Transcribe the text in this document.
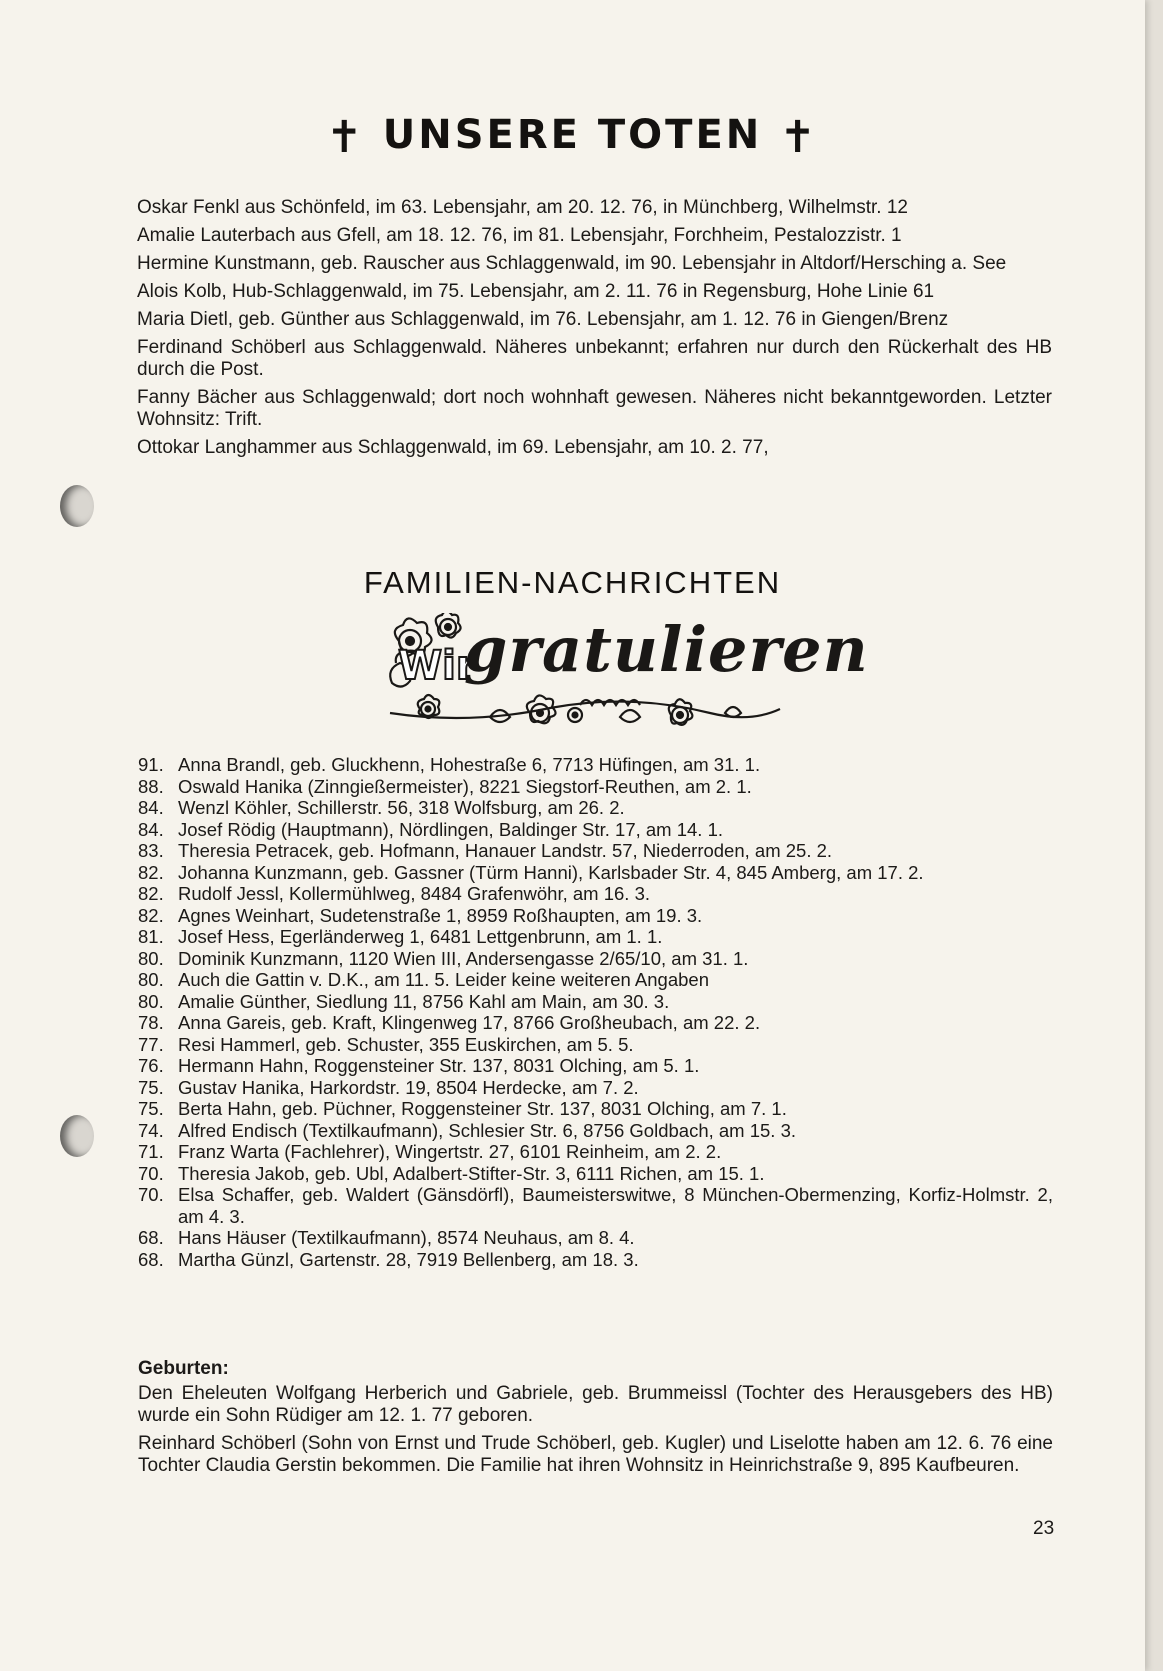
✝ UNSERE TOTEN ✝
Oskar Fenkl aus Schönfeld, im 63. Lebensjahr, am 20. 12. 76, in Münchberg, Wilhelmstr. 12
Amalie Lauterbach aus Gfell, am 18. 12. 76, im 81. Lebensjahr, Forchheim, Pestalozzistr. 1
Hermine Kunstmann, geb. Rauscher aus Schlaggenwald, im 90. Lebensjahr in Altdorf/Hersching a. See
Alois Kolb, Hub-Schlaggenwald, im 75. Lebensjahr, am 2. 11. 76 in Regensburg, Hohe Linie 61
Maria Dietl, geb. Günther aus Schlaggenwald, im 76. Lebensjahr, am 1. 12. 76 in Giengen/Brenz
Ferdinand Schöberl aus Schlaggenwald. Näheres unbekannt; erfahren nur durch den Rückerhalt des HB durch die Post.
Fanny Bächer aus Schlaggenwald; dort noch wohnhaft gewesen. Näheres nicht bekanntgeworden. Letzter Wohnsitz: Trift.
Ottokar Langhammer aus Schlaggenwald, im 69. Lebensjahr, am 10. 2. 77,
FAMILIEN-NACHRICHTEN
Wir
gratulieren
91. Anna Brandl, geb. Gluckhenn, Hohestraße 6, 7713 Hüfingen, am 31. 1.
88. Oswald Hanika (Zinngießermeister), 8221 Siegstorf-Reuthen, am 2. 1.
84. Wenzl Köhler, Schillerstr. 56, 318 Wolfsburg, am 26. 2.
84. Josef Rödig (Hauptmann), Nördlingen, Baldinger Str. 17, am 14. 1.
83. Theresia Petracek, geb. Hofmann, Hanauer Landstr. 57, Niederroden, am 25. 2.
82. Johanna Kunzmann, geb. Gassner (Türm Hanni), Karlsbader Str. 4, 845 Amberg, am 17. 2.
82. Rudolf Jessl, Kollermühlweg, 8484 Grafenwöhr, am 16. 3.
82. Agnes Weinhart, Sudetenstraße 1, 8959 Roßhaupten, am 19. 3.
81. Josef Hess, Egerländerweg 1, 6481 Lettgenbrunn, am 1. 1.
80. Dominik Kunzmann, 1120 Wien III, Andersengasse 2/65/10, am 31. 1.
80. Auch die Gattin v. D.K., am 11. 5. Leider keine weiteren Angaben
80. Amalie Günther, Siedlung 11, 8756 Kahl am Main, am 30. 3.
78. Anna Gareis, geb. Kraft, Klingenweg 17, 8766 Großheubach, am 22. 2.
77. Resi Hammerl, geb. Schuster, 355 Euskirchen, am 5. 5.
76. Hermann Hahn, Roggensteiner Str. 137, 8031 Olching, am 5. 1.
75. Gustav Hanika, Harkordstr. 19, 8504 Herdecke, am 7. 2.
75. Berta Hahn, geb. Püchner, Roggensteiner Str. 137, 8031 Olching, am 7. 1.
74. Alfred Endisch (Textilkaufmann), Schlesier Str. 6, 8756 Goldbach, am 15. 3.
71. Franz Warta (Fachlehrer), Wingertstr. 27, 6101 Reinheim, am 2. 2.
70. Theresia Jakob, geb. Ubl, Adalbert-Stifter-Str. 3, 6111 Richen, am 15. 1.
70. Elsa Schaffer, geb. Waldert (Gänsdörfl), Baumeisterswitwe, 8 München-Obermenzing, Korfiz-Holmstr. 2, am 4. 3.
68. Hans Häuser (Textilkaufmann), 8574 Neuhaus, am 8. 4.
68. Martha Günzl, Gartenstr. 28, 7919 Bellenberg, am 18. 3.
Geburten:
Den Eheleuten Wolfgang Herberich und Gabriele, geb. Brummeissl (Tochter des Herausgebers des HB) wurde ein Sohn Rüdiger am 12. 1. 77 geboren.
Reinhard Schöberl (Sohn von Ernst und Trude Schöberl, geb. Kugler) und Liselotte haben am 12. 6. 76 eine Tochter Claudia Gerstin bekommen. Die Familie hat ihren Wohnsitz in Heinrichstraße 9, 895 Kaufbeuren.
23
